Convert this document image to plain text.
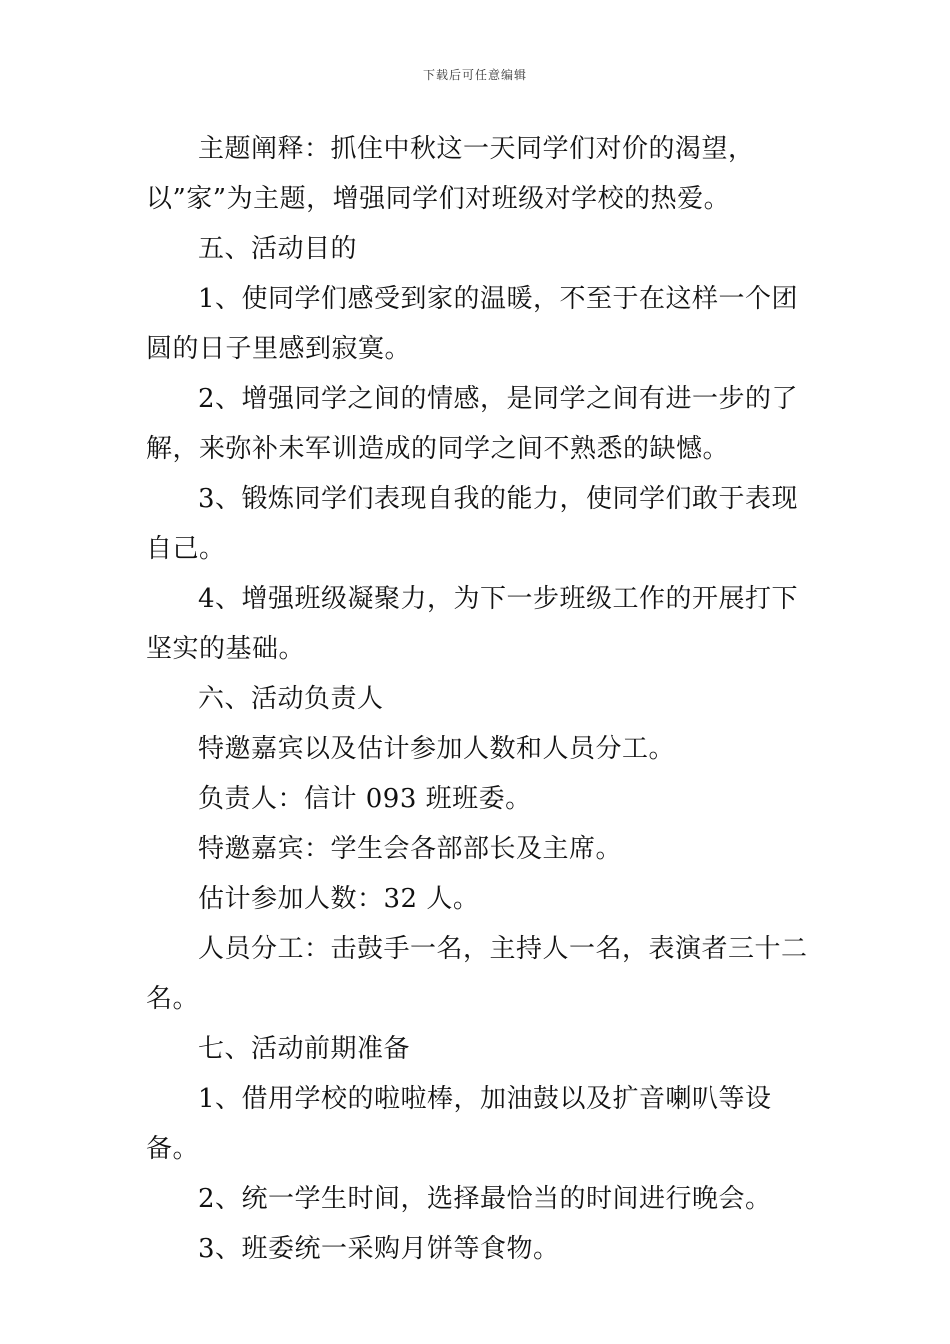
下载后可任意编辑

主题阐释：抓住中秋这一天同学们对价的渴望，以”家”为主题，增强同学们对班级对学校的热爱。

五、活动目的

1、使同学们感受到家的温暖，不至于在这样一个团圆的日子里感到寂寞。

2、增强同学之间的情感，是同学之间有进一步的了解，来弥补未军训造成的同学之间不熟悉的缺憾。

3、锻炼同学们表现自我的能力，使同学们敢于表现自己。

4、增强班级凝聚力，为下一步班级工作的开展打下坚实的基础。

六、活动负责人

特邀嘉宾以及估计参加人数和人员分工。

负责人：信计 093 班班委。

特邀嘉宾：学生会各部部长及主席。

估计参加人数：32 人。

人员分工：击鼓手一名，主持人一名，表演者三十二名。

七、活动前期准备

1、借用学校的啦啦棒，加油鼓以及扩音喇叭等设备。

2、统一学生时间，选择最恰当的时间进行晚会。

3、班委统一采购月饼等食物。
